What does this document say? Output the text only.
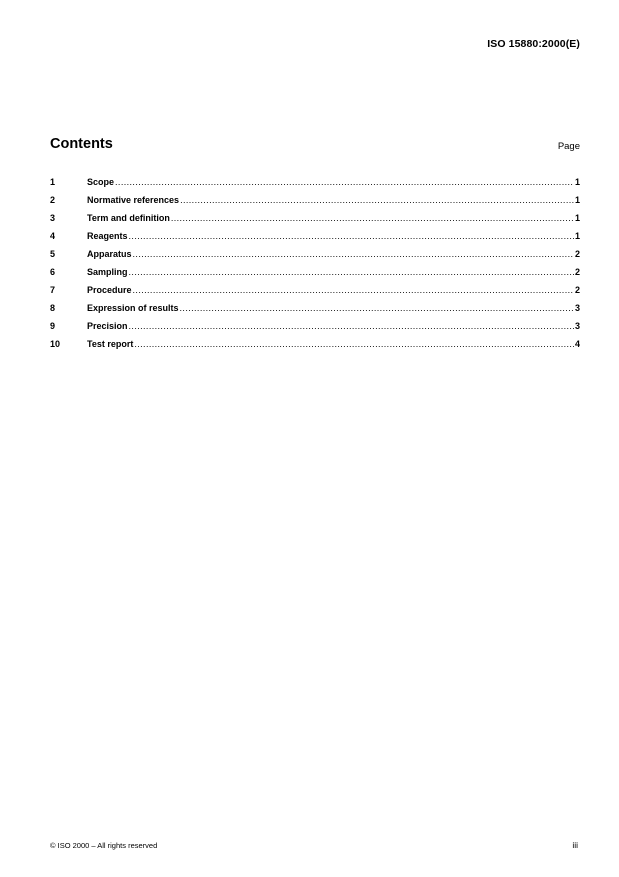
ISO 15880:2000(E)
Contents	Page
1	Scope .....	1
2	Normative references .....	1
3	Term and definition .....	1
4	Reagents .....	1
5	Apparatus .....	2
6	Sampling .....	2
7	Procedure .....	2
8	Expression of results .....	3
9	Precision .....	3
10	Test report .....	4
© ISO 2000 – All rights reserved	iii
